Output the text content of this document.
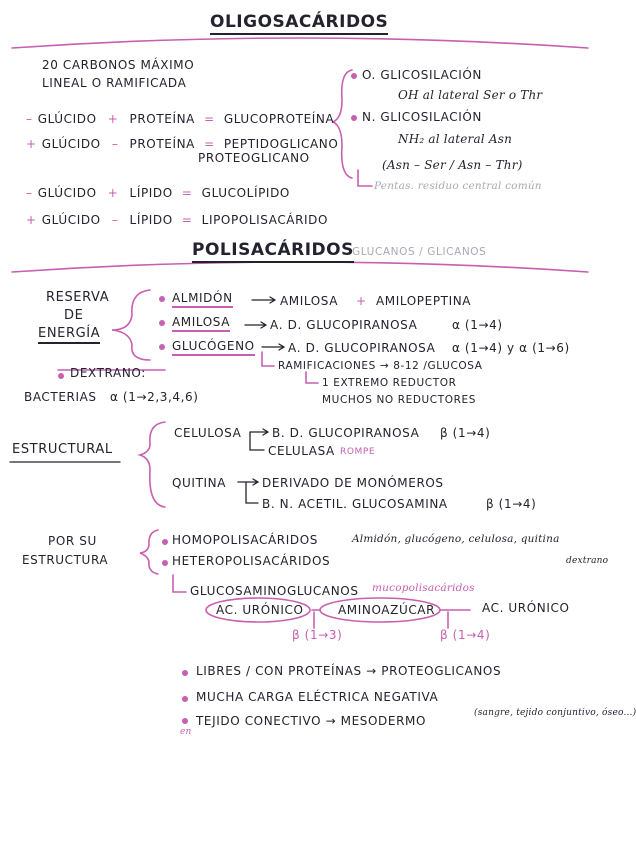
OLIGOSACÁRIDOS
20 CARBONOS MÁXIMO
LINEAL O RAMIFICADA
– GLÚCIDO + PROTEÍNA = GLUCOPROTEÍNA
+ GLÚCIDO – PROTEÍNA = PEPTIDOGLICANO
PROTEOGLICANO
– GLÚCIDO + LÍPIDO = GLUCOLÍPIDO
+ GLÚCIDO – LÍPIDO = LIPOPOLISACÁRIDO
O. GLICOSILACIÓN
OH al lateral Ser o Thr
N. GLICOSILACIÓN
NH₂ al lateral Asn
(Asn – Ser / Asn – Thr)
Pentas. residuo central común
POLISACÁRIDOS
GLUCANOS / GLICANOS
RESERVA
DE
ENERGÍA
ALMIDÓN	AMILOSA + AMILOPEPTINA
AMILOSA	Α. D. GLUCOPIRANOSA	α (1→4)
GLUCÓGENO	Α. D. GLUCOPIRANOSA α (1→4) y α (1→6)
RAMIFICACIONES → 8-12 /GLUCOSA
1 EXTREMO REDUCTOR
MUCHOS NO REDUCTORES
DEXTRANO:
BACTERIAS α (1→2,3,4,6)
ESTRUCTURAL
CELULOSA	Β. D. GLUCOPIRANOSA β (1→4)
CELULASA ROMPE
QUITINA	DERIVADO DE MONÓMEROS
Β. N. ACETIL. GLUCOSAMINA	β (1→4)
POR SU
ESTRUCTURA
HOMOPOLISACÁRIDOS	Almidón, glucógeno, celulosa, quitina
dextrano
HETEROPOLISACÁRIDOS
GLUCOSAMINOGLUCANOS mucopolisacáridos
AC. URÓNICO	AMINOAZÚCAR	AC. URÓNICO
β (1→3)	β (1→4)
LIBRES / CON PROTEÍNAS → PROTEOGLICANOS
MUCHA CARGA ELÉCTRICA NEGATIVA
en
TEJIDO CONECTIVO → MESODERMO
(sangre, tejido conjuntivo, óseo...)
